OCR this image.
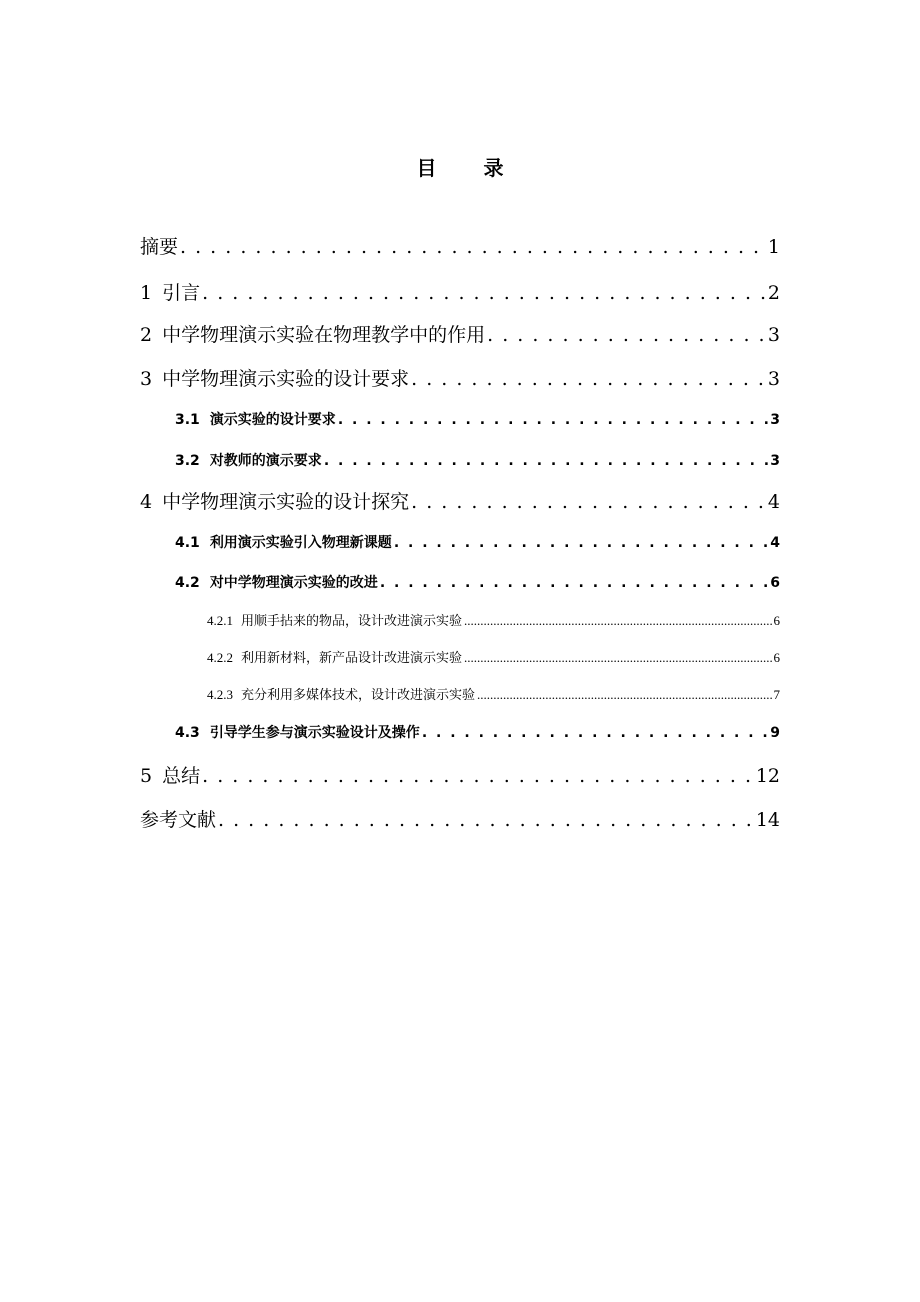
目 录
摘要 . . .	1
1 引言 . . .	2
2 中学物理演示实验在物理教学中的作用 . . .	3
3 中学物理演示实验的设计要求 . . .	3
3.1 演示实验的设计要求 . . .	3
3.2 对教师的演示要求 . . .	3
4 中学物理演示实验的设计探究 . . .	4
4.1 利用演示实验引入物理新课题 . . .	4
4.2 对中学物理演示实验的改进 . . .	6
4.2.1 用顺手拈来的物品，设计改进演示实验 .....	6
4.2.2 利用新材料，新产品设计改进演示实验 .....	6
4.2.3 充分利用多媒体技术，设计改进演示实验 .....	7
4.3 引导学生参与演示实验设计及操作 . . .	9
5 总结 . . .	12
参考文献 . . .	14
